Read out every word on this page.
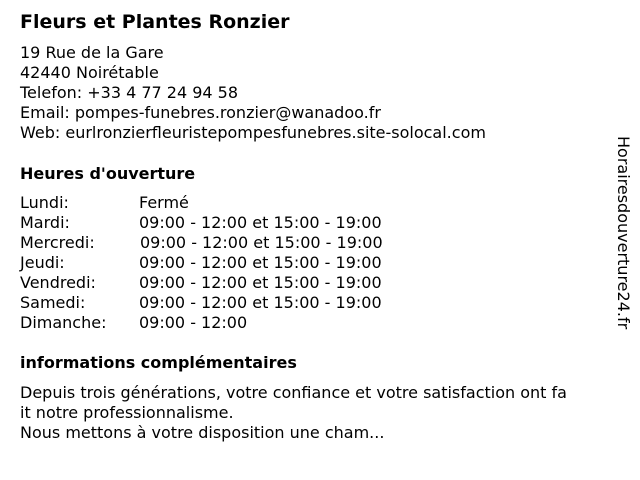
Fleurs et Plantes Ronzier
19 Rue de la Gare
42440 Noirétable
Telefon: +33 4 77 24 94 58
Email: pompes-funebres.ronzier@wanadoo.fr
Web: eurlronzierfleuristepompesfunebres.site-solocal.com
Heures d'ouverture
Lundi:	Fermé
Mardi:	09:00 - 12:00 et 15:00 - 19:00
Mercredi:	09:00 - 12:00 et 15:00 - 19:00
Jeudi:	09:00 - 12:00 et 15:00 - 19:00
Vendredi:	09:00 - 12:00 et 15:00 - 19:00
Samedi:	09:00 - 12:00 et 15:00 - 19:00
Dimanche: 09:00 - 12:00
informations complémentaires
Depuis trois générations, votre confiance et votre satisfaction ont fa
it notre professionnalisme.
Nous mettons à votre disposition une cham...
Horairesdouverture24.fr
